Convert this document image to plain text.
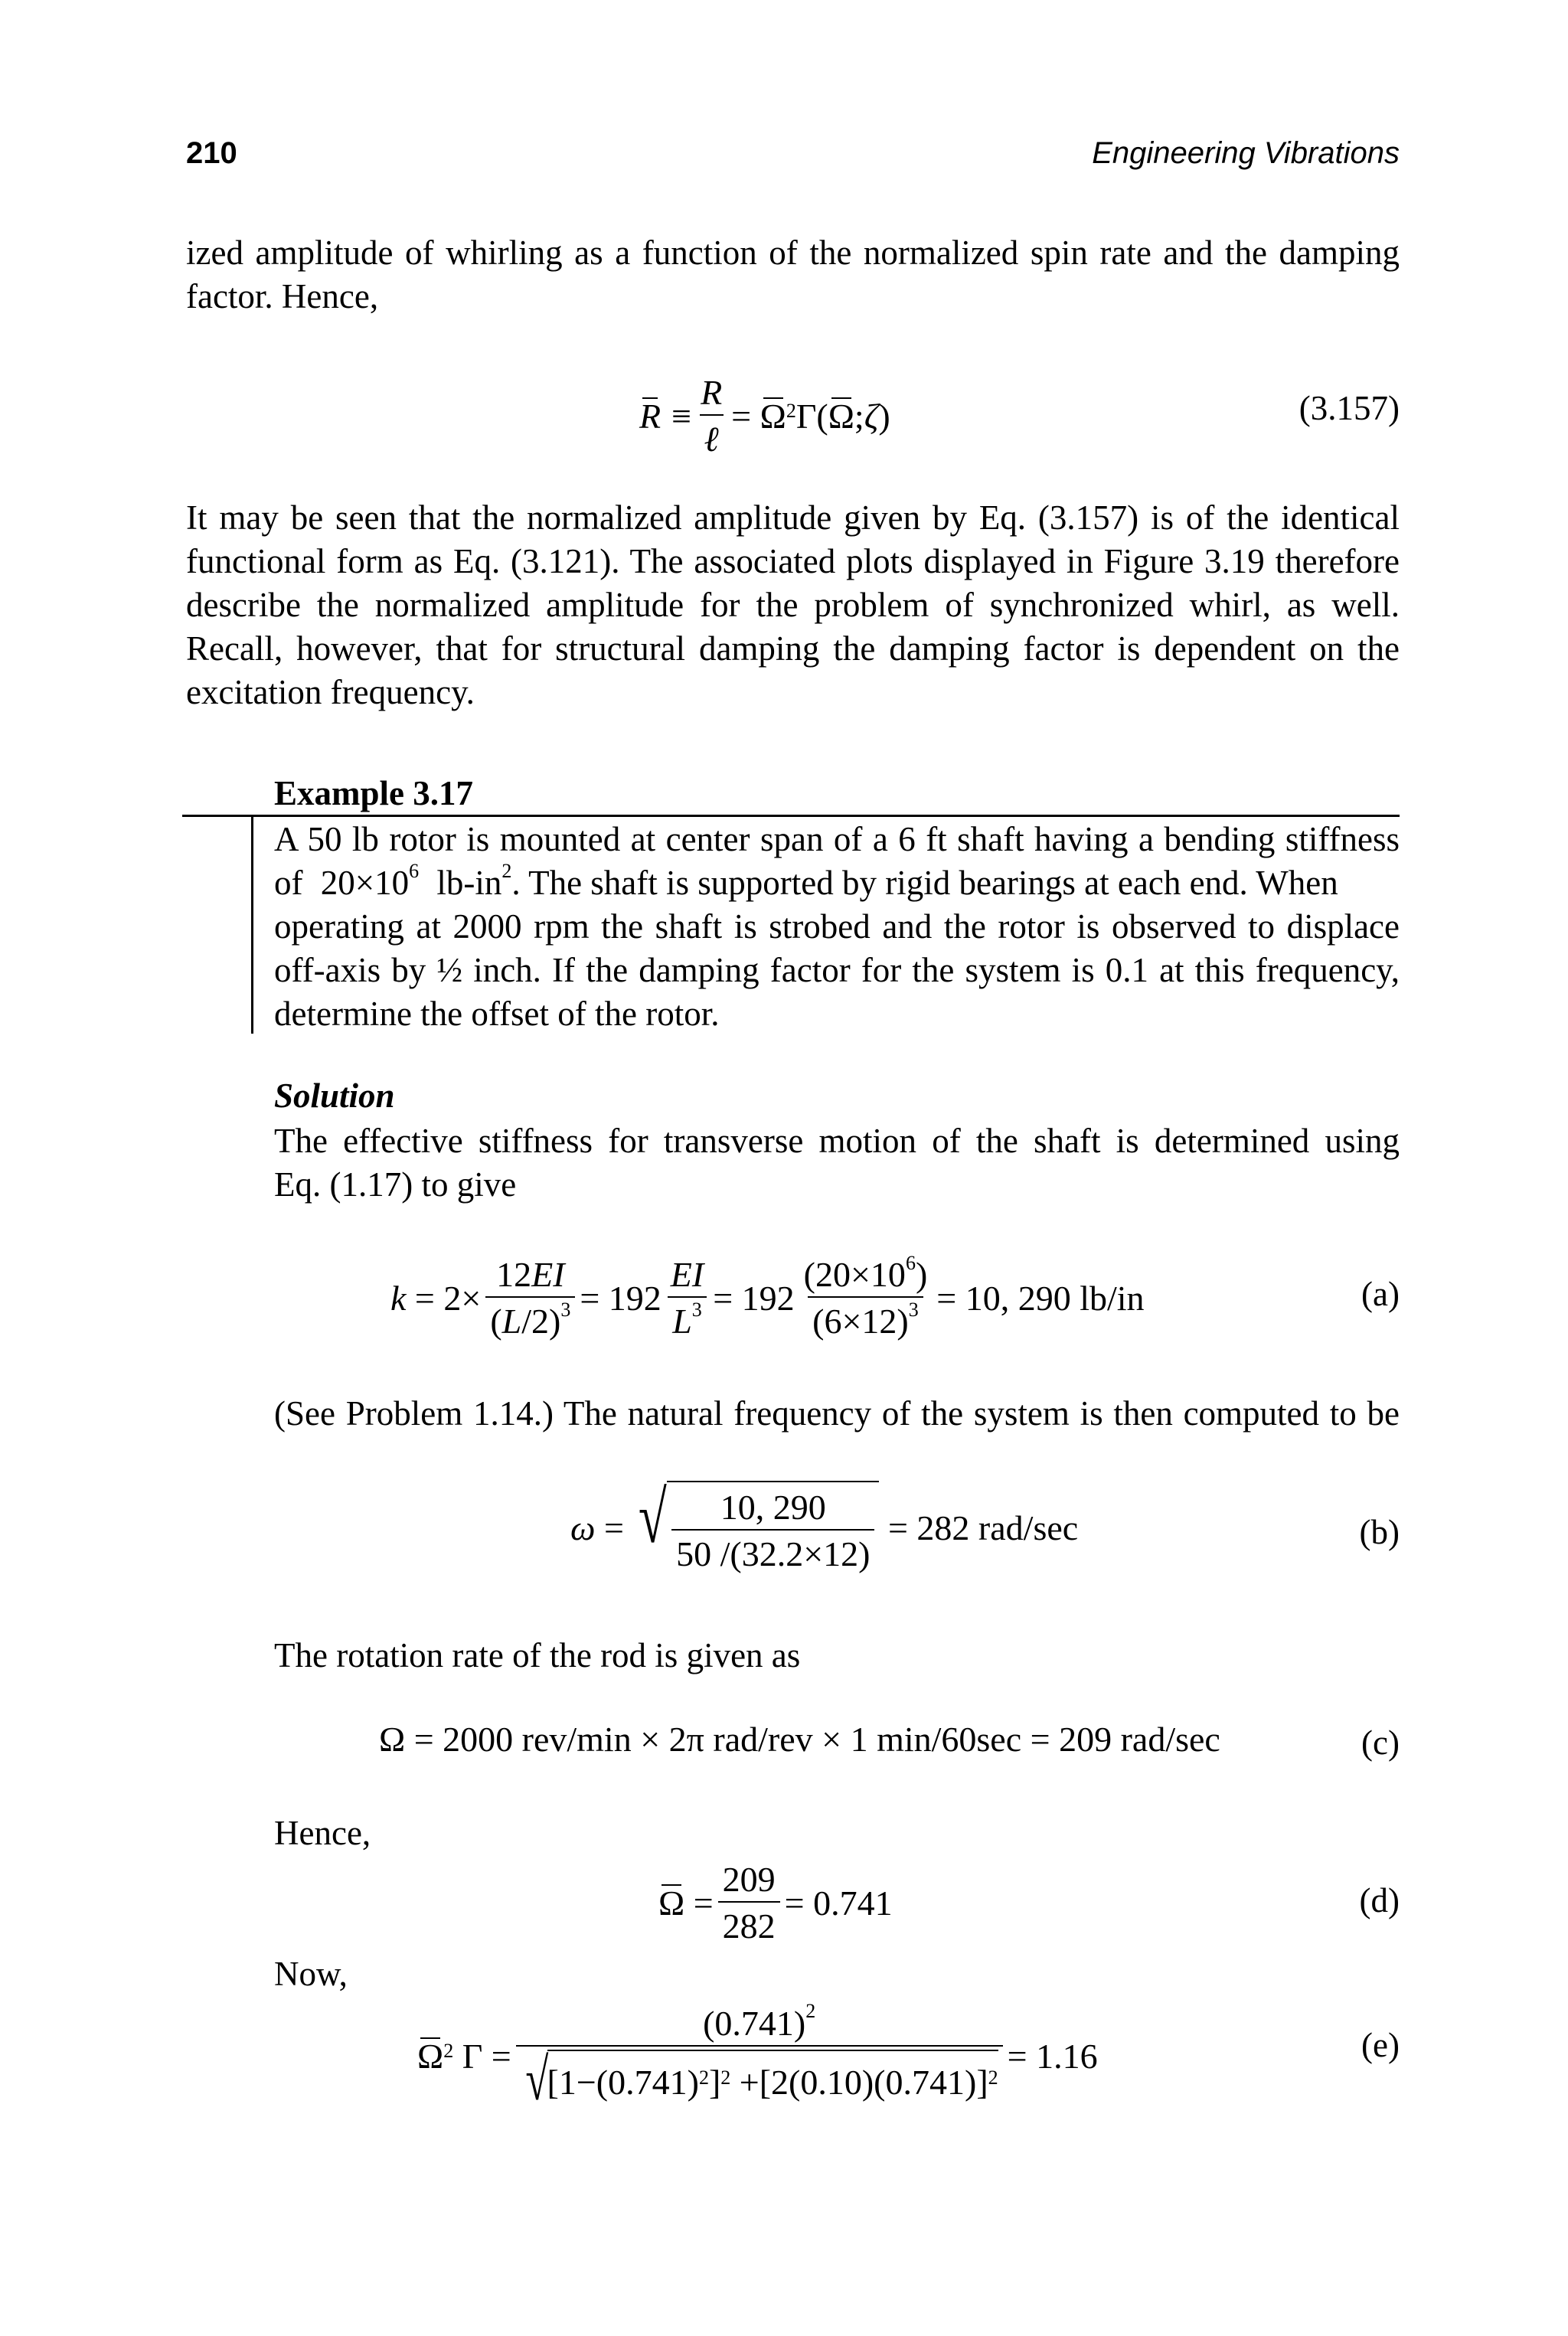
210	Engineering Vibrations
ized amplitude of whirling as a function of the normalized spin rate and the damping
factor. Hence,
$R \equiv \frac{R}{\text{ℓ}} = \Omega^2$ Γ( Ω ; ζ )	(3.157)
It may be seen that the normalized amplitude given by Eq. (3.157) is of the identical functional form as Eq. (3.121). The associated plots displayed in Figure 3.19 therefore describe the normalized amplitude for the problem of synchronized whirl, as well. Recall, however, that for structural damping the damping factor is dependent on the excitation frequency.
Example 3.17
A 50 lb rotor is mounted at center span of a 6 ft shaft having a bending stiffness
of $20\times 10^6$ $lb-in^2$. The shaft is supported by rigid bearings at each end. When
operating at 2000 rpm the shaft is strobed and the rotor is observed to displace
off-axis by ½ inch. If the damping factor for the system is 0.1 at this frequency,
determine the offset of the rotor.
Solution
The effective stiffness for transverse motion of the shaft is determined using
Eq. (1.17) to give
$k = 2\times \frac{12EI}{(L/2)^3} = 192 \frac{EI}{L^3} = 192 \frac{(20\times 10^6)}{(6\times 12)^3} = 10$, 290 lb/in	(a)
(See Problem 1.14.) The natural frequency of the system is then computed to be
ω = √ $\frac{10, 290}{50 /(32.2\times 12)}$
= 282 rad/sec	(b)
The rotation rate of the rod is given as
Ω = 2000 rev/min × 2π rad/rev × 1 min/60sec = 209 rad/sec	(c)
Hence,
$\Omega = \frac{209}{282} = 0.741$	(d)
Now,
$\Omega^2$ $\Gamma = (0.741)^2$
√
[$1-(0.741)^2$ ]$^2 +[2(0.10)(0.741)]^2 = 1.16$	(e)
